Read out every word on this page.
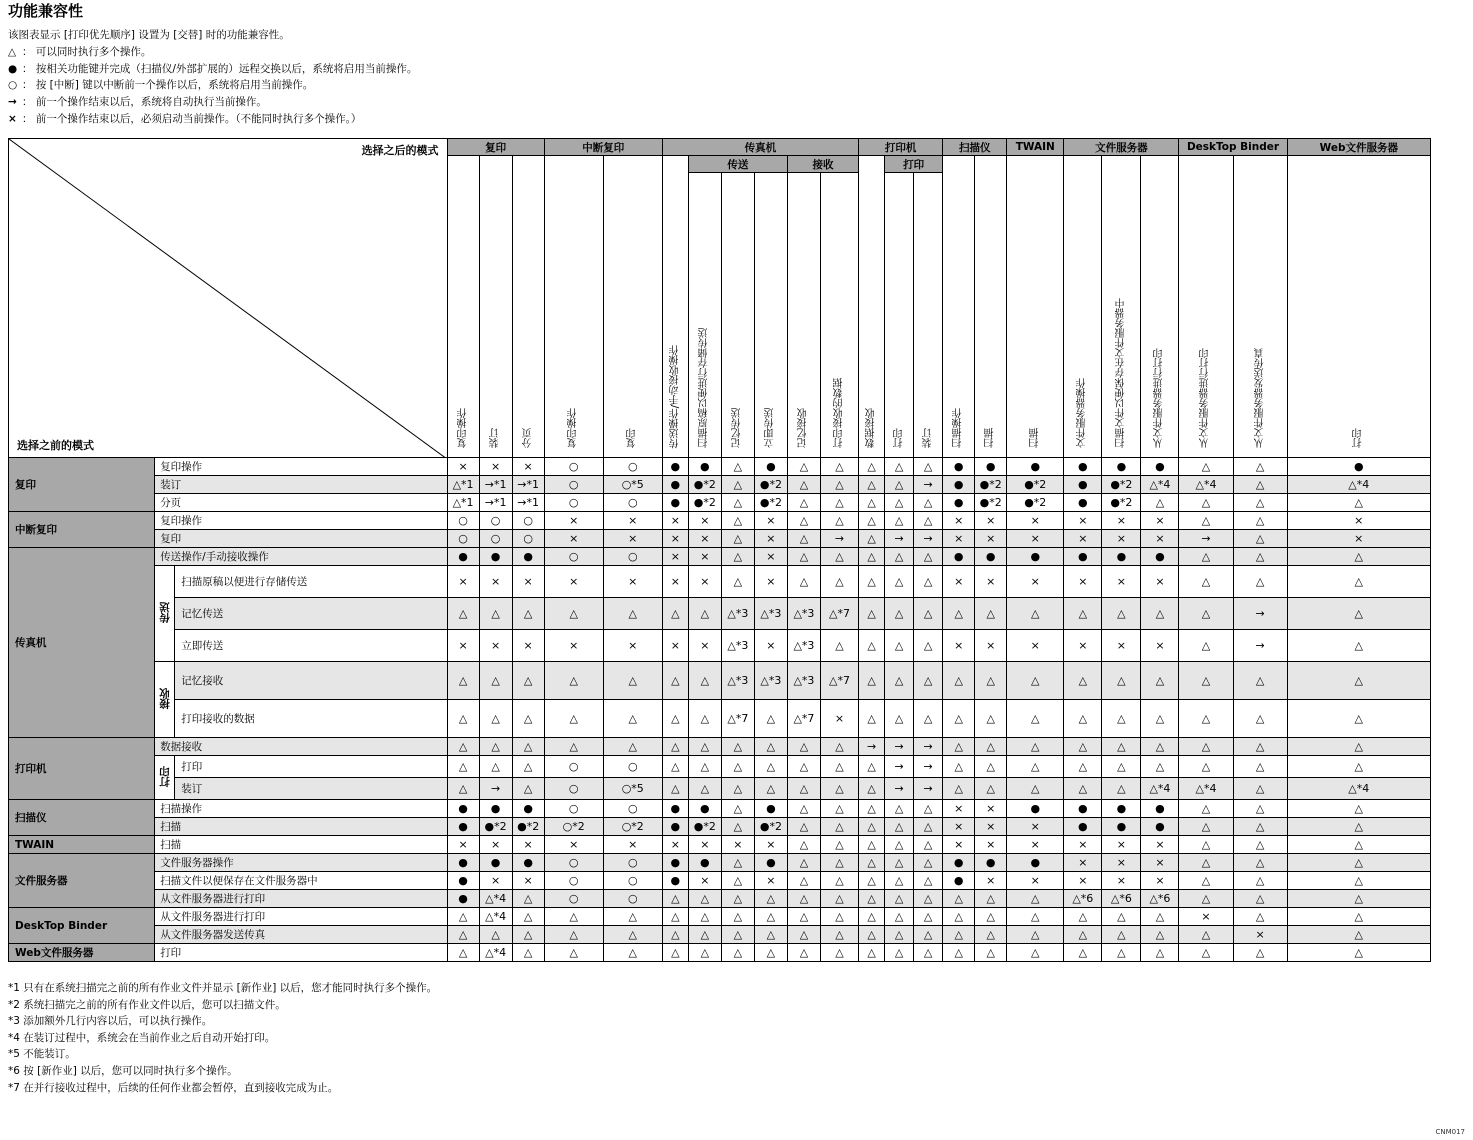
功能兼容性
该图表显示 [打印优先顺序] 设置为 [交替] 时的功能兼容性。
△ ： 可以同时执行多个操作。
● ： 按相关功能键并完成（扫描仪/外部扩展的）远程交换以后，系统将启用当前操作。
○ ： 按 [中断] 键以中断前一个操作以后，系统将启用当前操作。
→ ： 前一个操作结束以后，系统将自动执行当前操作。
× ： 前一个操作结束以后，必须启动当前操作。（不能同时执行多个操作。）
选择之后的模式
选择之前的模式			复印			中断复印		传真机						打印机			扫描仪		TWAIN	文件服务器			DeskTop Binder		Web文件服务器
			复印操作	装订	分页	复印操作	复印	传送操作/手动接收操作	传送			接收		数据接收	打印		扫描操作	扫描	扫描	文件服务器操作	扫描文件以便保存在文件服务器中	从文件服务器进行打印	从文件服务器进行打印	从文件服务器发送传真	打印
									扫描原稿以便进行存储传送	记忆传送	立即传送	记忆接收	打印接收的数据		打印	装订									
复印	复印操作		×	×	×	○	○	●	●	△	●	△	△	△	△	△	●	●	●	●	●	●	△	△	●
	装订		△*1	→*1	→*1	○	○*5	●	●*2	△	●*2	△	△	△	△	→	●	●*2	●*2	●	●*2	△*4	△*4	△	△*4
	分页		△*1	→*1	→*1	○	○	●	●*2	△	●*2	△	△	△	△	△	●	●*2	●*2	●	●*2	△	△	△	△
中断复印	复印操作		○	○	○	×	×	×	×	△	×	△	△	△	△	△	×	×	×	×	×	×	△	△	×
	复印		○	○	○	×	×	×	×	△	×	△	→	△	→	→	×	×	×	×	×	×	→	△	×
传真机	传送操作/手动接收操作		●	●	●	○	○	×	×	△	×	△	△	△	△	△	●	●	●	●	●	●	△	△	△
	传送	扫描原稿以便进行存储传送	×	×	×	×	×	×	×	△	×	△	△	△	△	△	×	×	×	×	×	×	△	△	△
		记忆传送	△	△	△	△	△	△	△	△*3	△*3	△*3	△*7	△	△	△	△	△	△	△	△	△	△	→	△
		立即传送	×	×	×	×	×	×	×	△*3	×	△*3	△	△	△	△	×	×	×	×	×	×	△	→	△
	接收	记忆接收	△	△	△	△	△	△	△	△*3	△*3	△*3	△*7	△	△	△	△	△	△	△	△	△	△	△	△
		打印接收的数据	△	△	△	△	△	△	△	△*7	△	△*7	×	△	△	△	△	△	△	△	△	△	△	△	△
打印机	数据接收		△	△	△	△	△	△	△	△	△	△	△	→	→	→	△	△	△	△	△	△	△	△	△
	打印	打印	△	△	△	○	○	△	△	△	△	△	△	△	→	→	△	△	△	△	△	△	△	△	△
		装订	△	→	△	○	○*5	△	△	△	△	△	△	△	→	→	△	△	△	△	△	△*4	△*4	△	△*4
扫描仪	扫描操作		●	●	●	○	○	●	●	△	●	△	△	△	△	△	×	×	●	●	●	●	△	△	△
	扫描		●	●*2	●*2	○*2	○*2	●	●*2	△	●*2	△	△	△	△	△	×	×	×	●	●	●	△	△	△
TWAIN	扫描		×	×	×	×	×	×	×	×	×	△	△	△	△	△	×	×	×	×	×	×	△	△	△
文件服务器	文件服务器操作		●	●	●	○	○	●	●	△	●	△	△	△	△	△	●	●	●	×	×	×	△	△	△
	扫描文件以便保存在文件服务器中		●	×	×	○	○	●	×	△	×	△	△	△	△	△	●	×	×	×	×	×	△	△	△
	从文件服务器进行打印		●	△*4	△	○	○	△	△	△	△	△	△	△	△	△	△	△	△	△*6	△*6	△*6	△	△	△
DeskTop Binder	从文件服务器进行打印		△	△*4	△	△	△	△	△	△	△	△	△	△	△	△	△	△	△	△	△	△	×	△	△
	从文件服务器发送传真		△	△	△	△	△	△	△	△	△	△	△	△	△	△	△	△	△	△	△	△	△	×	△
Web文件服务器	打印		△	△*4	△	△	△	△	△	△	△	△	△	△	△	△	△	△	△	△	△	△	△	△	△
*1 只有在系统扫描完之前的所有作业文件并显示 [新作业] 以后，您才能同时执行多个操作。
*2 系统扫描完之前的所有作业文件以后，您可以扫描文件。
*3 添加额外几行内容以后，可以执行操作。
*4 在装订过程中，系统会在当前作业之后自动开始打印。
*5 不能装订。
*6 按 [新作业] 以后，您可以同时执行多个操作。
*7 在并行接收过程中，后续的任何作业都会暂停，直到接收完成为止。
CNM017
